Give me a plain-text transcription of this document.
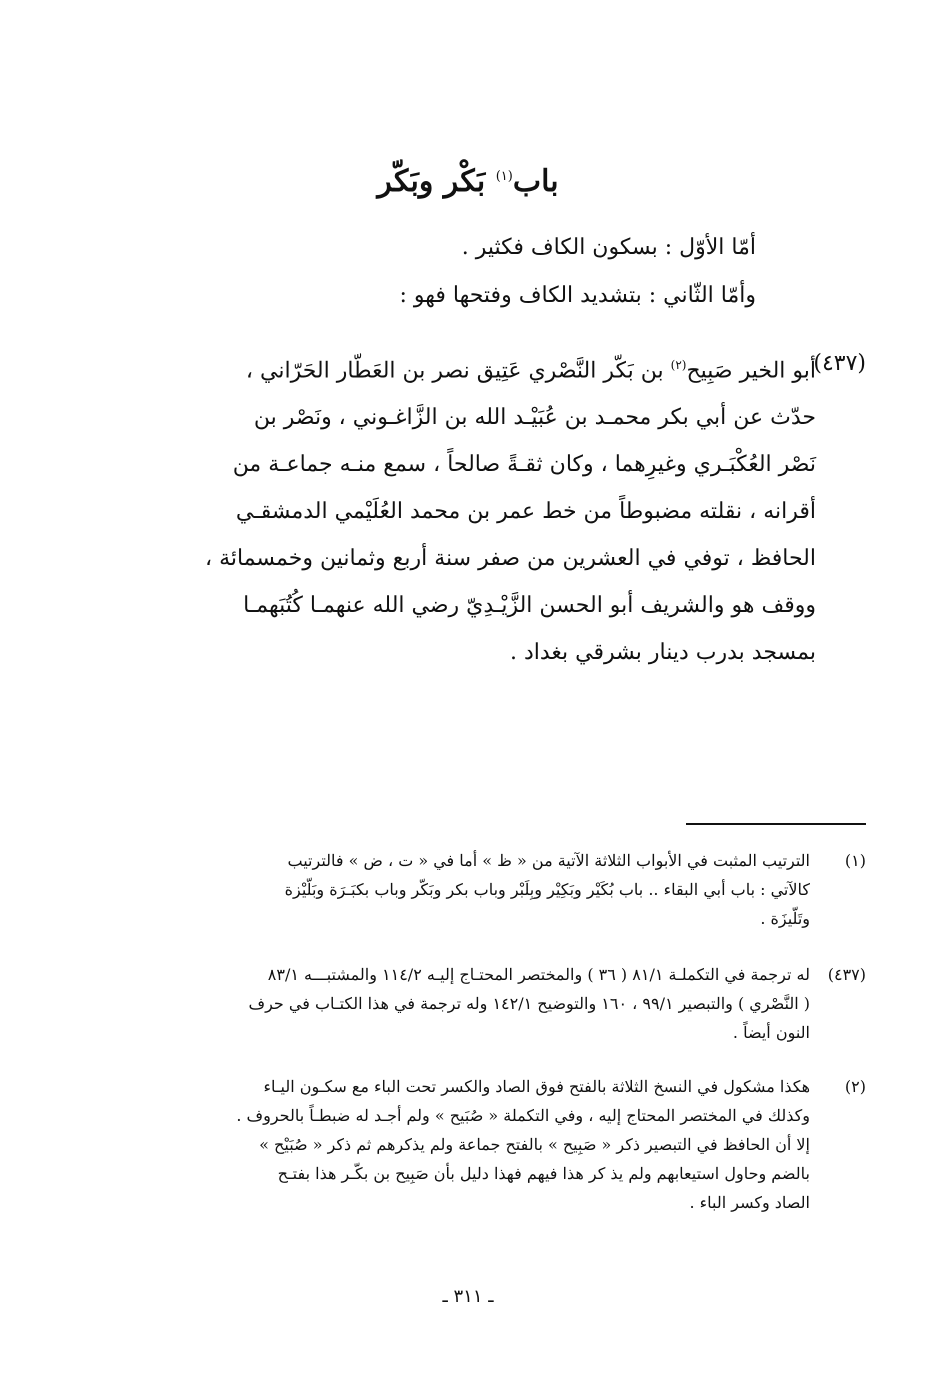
باب$^{(١)}$ بَكْر وبَكّر
أمّا الأوّل : بسكون الكاف فكثير .
وأمّا الثّاني : بتشديد الكاف وفتحها فهو :
(٤٣٧)
أبو الخير صَبِيح$^{(٢)}$ بن بَكّر النَّصْري عَتِيق نصر بن العَطّار الحَرّاني ،
حدّث عن أبي بكر محمـد بن عُبَيْـد الله بن الزَّاغـوني ، ونَصْر بن
نَصْر العُكْبَـري وغيرِهما ، وكان ثقـةً صالحاً ، سمع منـه جماعـة من
أقرانه ، نقلته مضبوطاً من خط عمر بن محمد العُلَيْمي الدمشقـي
الحافظ ، توفي في العشرين من صفر سنة أربع وثمانين وخمسمائة ،
ووقف هو والشريف أبو الحسن الزَّيْـدِيّ رضي الله عنهمـا كُتُبَهمـا
بمسجد بدرب دينار بشرقي بغداد .
(١)
الترتيب المثبت في الأبواب الثلاثة الآتية من « ظ » أما في « ت ، ض » فالترتيب
كالآتي : باب أبي البقاء .. باب بُكَيْر وبَكِيْر وبِلَبْر وباب بكر وبَكّر وباب بكبَـرَة وبَلّيْزة
وتَلّيزَة .
(٤٣٧)
له ترجمة في التكملـة ٨١/١ ( ٣٦ ) والمختصر المحتـاج إليـه ١١٤/٢ والمشتبـــه ٨٣/١
( النَّصْري ) والتبصير ٩٩/١ ، ١٦٠ والتوضيح ١٤٢/١ وله ترجمة في هذا الكتـاب في حرف
النون أيضاً .
(٢)
هكذا مشكول في النسخ الثلاثة بالفتح فوق الصاد والكسر تحت الباء مع سكـون اليـاء
وكذلك في المختصر المحتاج إليه ، وفي التكملة « صُبَيح » ولم أجـد له ضبطـاً بالحروف .
إلا أن الحافظ في التبصير ذكر « صَبِيح » بالفتح جماعة ولم يذكرهم ثم ذكر « صُبَيْح »
بالضم وحاول استيعابهم ولم يذ كر هذا فيهم فهذا دليل بأن صَبِيح بن بكّـر هذا بفتـح
الصاد وكسر الباء .
ـ ٣١١ ـ
